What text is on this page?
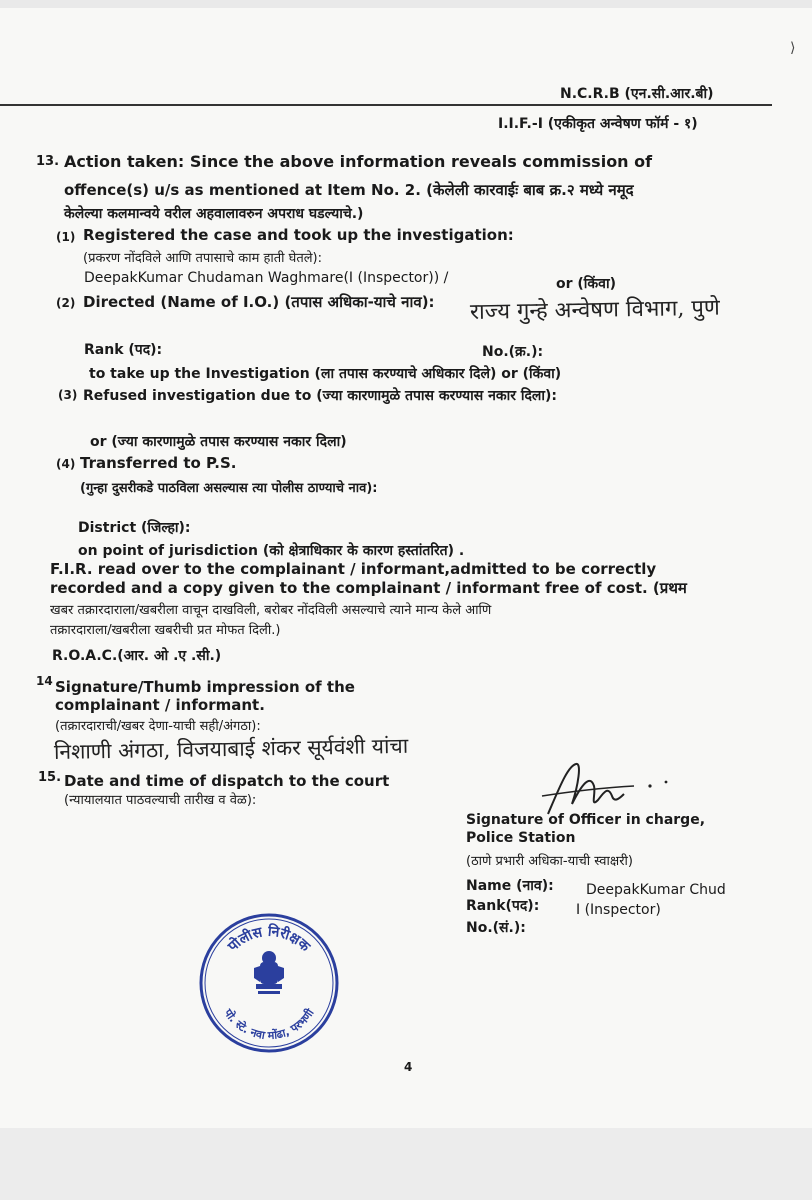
⟩
N.C.R.B (एन.सी.आर.बी)
I.I.F.-I (एकीकृत अन्वेषण फॉर्म - १)
13. Action taken: Since the above information reveals commission of
offence(s) u/s as mentioned at Item No. 2. (केलेली कारवाईः बाब क्र.२ मध्ये नमूद
केलेल्या कलमान्वये वरील अहवालावरुन अपराध घडल्याचे.)
(1) Registered the case and took up the investigation:
(प्रकरण नोंदविले आणि तपासाचे काम हाती घेतले):
DeepakKumar Chudaman Waghmare(I (Inspector)) /	or (किंवा)
(2) Directed (Name of I.O.) (तपास अधिका-याचे नाव): राज्य गुन्हे अन्वेषण विभाग, पुणे
Rank (पद):	No.(क्र.):
to take up the Investigation (ला तपास करण्याचे अधिकार दिले) or (किंवा)
(3) Refused investigation due to (ज्या कारणामुळे तपास करण्यास नकार दिला):
or (ज्या कारणामुळे तपास करण्यास नकार दिला)
(4) Transferred to P.S.
(गुन्हा दुसरीकडे पाठविला असल्यास त्या पोलीस ठाण्याचे नाव):
District (जिल्हा):
on point of jurisdiction (को क्षेत्राधिकार के कारण हस्तांतरित) .
F.I.R. read over to the complainant / informant,admitted to be correctly
recorded and a copy given to the complainant / informant free of cost. (प्रथम
खबर तक्रारदाराला/खबरीला वाचून दाखविली, बरोबर नोंदविली असल्याचे त्याने मान्य केले आणि
तक्रारदाराला/खबरीला खबरीची प्रत मोफत दिली.)
R.O.A.C.(आर. ओ .ए .सी.)
14 Signature/Thumb impression of the
complainant / informant.
(तक्रारदाराची/खबर देणा-याची सही/अंगठा):
निशाणी अंगठा, विजयाबाई शंकर सूर्यवंशी यांचा
15. Date and time of dispatch to the court
(न्यायालयात पाठवल्याची तारीख व वेळ):
Signature of Officer in charge,
Police Station
(ठाणे प्रभारी अधिका-याची स्वाक्षरी)
Name (नाव): DeepakKumar Chud
Rank(पद):	I (Inspector)
No.(सं.):
पोलीस निरीक्षक
पो. स्टे. नवा मोंढा, परभणी
4
